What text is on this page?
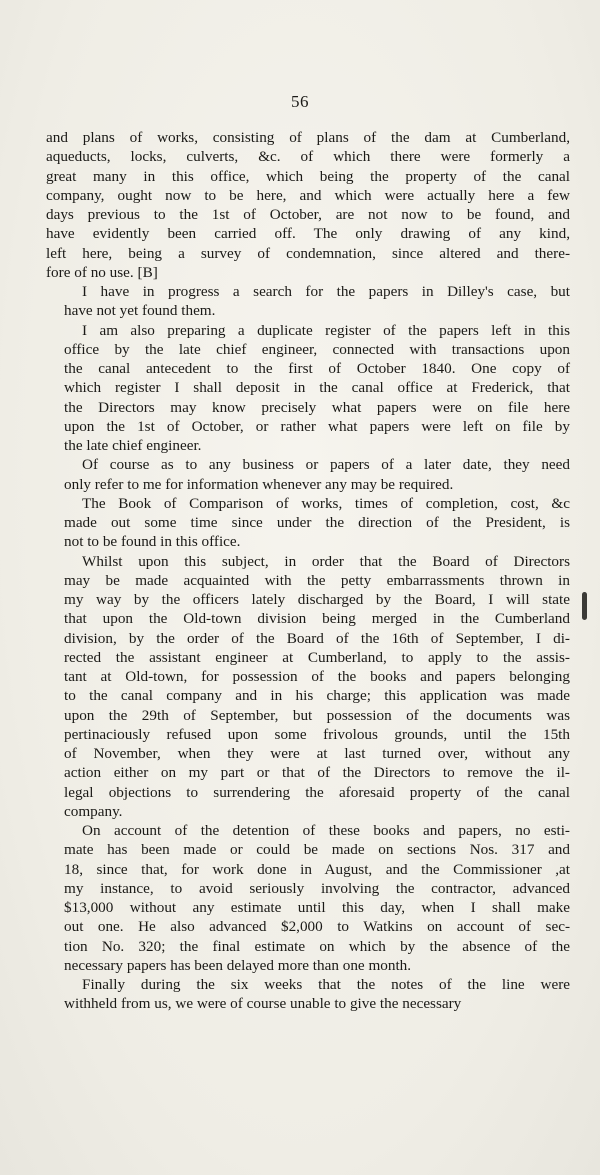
56
and plans of works, consisting of plans of the dam at Cumberland,
aqueducts, locks, culverts, &c. of which there were formerly a
great many in this office, which being the property of the canal
company, ought now to be here, and which were actually here a few
days previous to the 1st of October, are not now to be found, and
have evidently been carried off. The only drawing of any kind,
left here, being a survey of condemnation, since altered and there-
fore of no use. [B]
I have in progress a search for the papers in Dilley's case, but
have not yet found them.
I am also preparing a duplicate register of the papers left in this
office by the late chief engineer, connected with transactions upon
the canal antecedent to the first of October 1840. One copy of
which register I shall deposit in the canal office at Frederick, that
the Directors may know precisely what papers were on file here
upon the 1st of October, or rather what papers were left on file by
the late chief engineer.
Of course as to any business or papers of a later date, they need
only refer to me for information whenever any may be required.
The Book of Comparison of works, times of completion, cost, &c
made out some time since under the direction of the President, is
not to be found in this office.
Whilst upon this subject, in order that the Board of Directors
may be made acquainted with the petty embarrassments thrown in
my way by the officers lately discharged by the Board, I will state
that upon the Old-town division being merged in the Cumberland
division, by the order of the Board of the 16th of September, I di-
rected the assistant engineer at Cumberland, to apply to the assis-
tant at Old-town, for possession of the books and papers belonging
to the canal company and in his charge; this application was made
upon the 29th of September, but possession of the documents was
pertinaciously refused upon some frivolous grounds, until the 15th
of November, when they were at last turned over, without any
action either on my part or that of the Directors to remove the il-
legal objections to surrendering the aforesaid property of the canal
company.
On account of the detention of these books and papers, no esti-
mate has been made or could be made on sections Nos. 317 and
18, since that, for work done in August, and the Commissioner ,at
my instance, to avoid seriously involving the contractor, advanced
$13,000 without any estimate until this day, when I shall make
out one. He also advanced $2,000 to Watkins on account of sec-
tion No. 320; the final estimate on which by the absence of the
necessary papers has been delayed more than one month.
Finally during the six weeks that the notes of the line were
withheld from us, we were of course unable to give the necessary
